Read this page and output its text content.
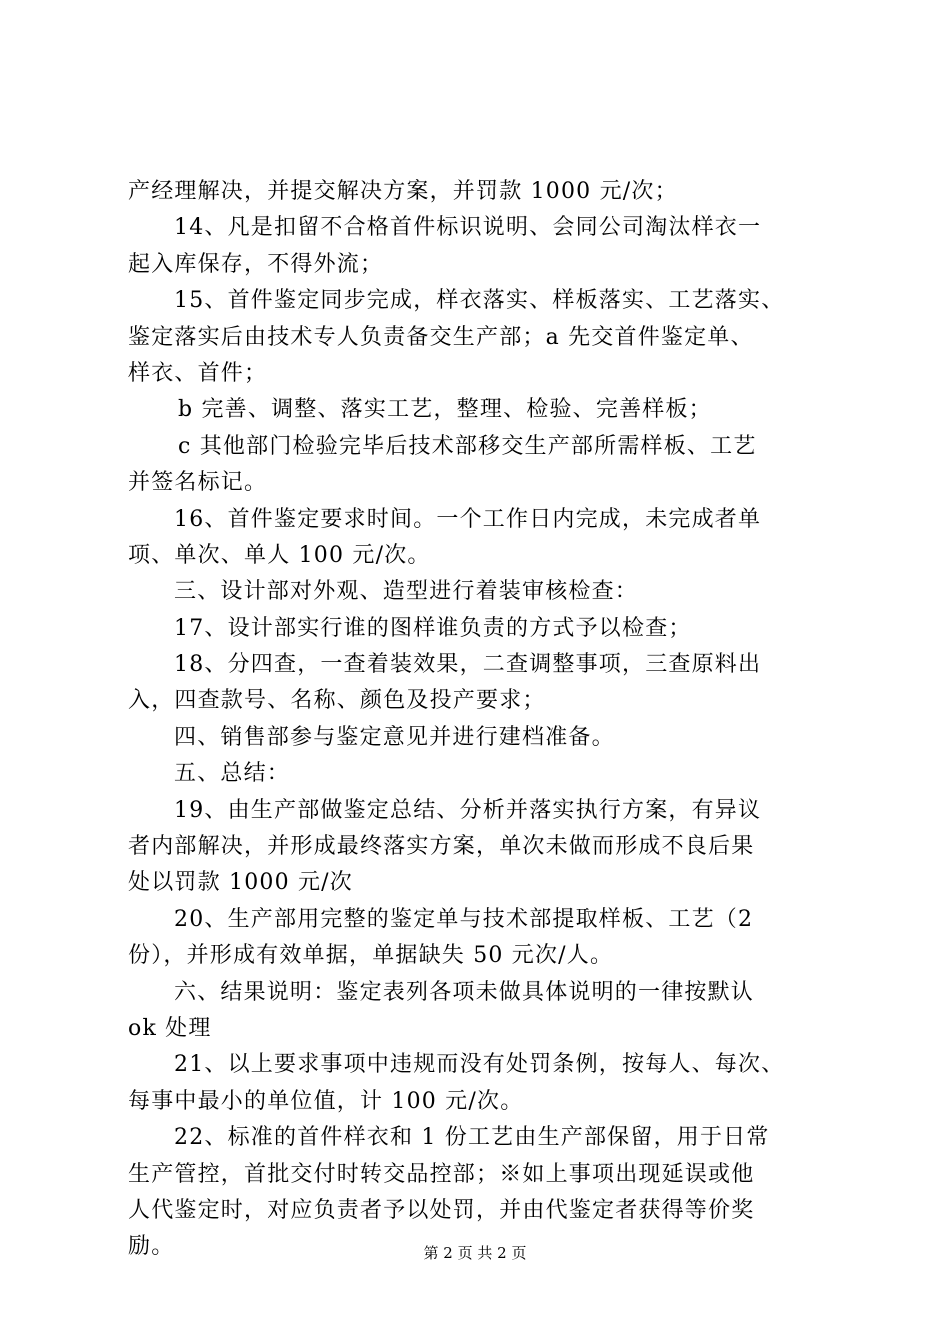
产经理解决，并提交解决方案，并罚款 1000 元/次；
14、凡是扣留不合格首件标识说明、会同公司淘汰样衣一
起入库保存，不得外流；
15、首件鉴定同步完成，样衣落实、样板落实、工艺落实、
鉴定落实后由技术专人负责备交生产部；a 先交首件鉴定单、
样衣、首件；
b 完善、调整、落实工艺，整理、检验、完善样板；
c 其他部门检验完毕后技术部移交生产部所需样板、工艺
并签名标记。
16、首件鉴定要求时间。一个工作日内完成，未完成者单
项、单次、单人 100 元/次。
三、设计部对外观、造型进行着装审核检查：
17、设计部实行谁的图样谁负责的方式予以检查；
18、分四查，一查着装效果，二查调整事项，三查原料出
入，四查款号、名称、颜色及投产要求；
四、销售部参与鉴定意见并进行建档准备。
五、总结：
19、由生产部做鉴定总结、分析并落实执行方案，有异议
者内部解决，并形成最终落实方案，单次未做而形成不良后果
处以罚款 1000 元/次
20、生产部用完整的鉴定单与技术部提取样板、工艺（2
份），并形成有效单据，单据缺失 50 元次/人。
六、结果说明：鉴定表列各项未做具体说明的一律按默认
ok 处理
21、以上要求事项中违规而没有处罚条例，按每人、每次、
每事中最小的单位值，计 100 元/次。
22、标准的首件样衣和 1 份工艺由生产部保留，用于日常
生产管控，首批交付时转交品控部；※如上事项出现延误或他
人代鉴定时，对应负责者予以处罚，并由代鉴定者获得等价奖
励。	第 2 页 共 2 页
